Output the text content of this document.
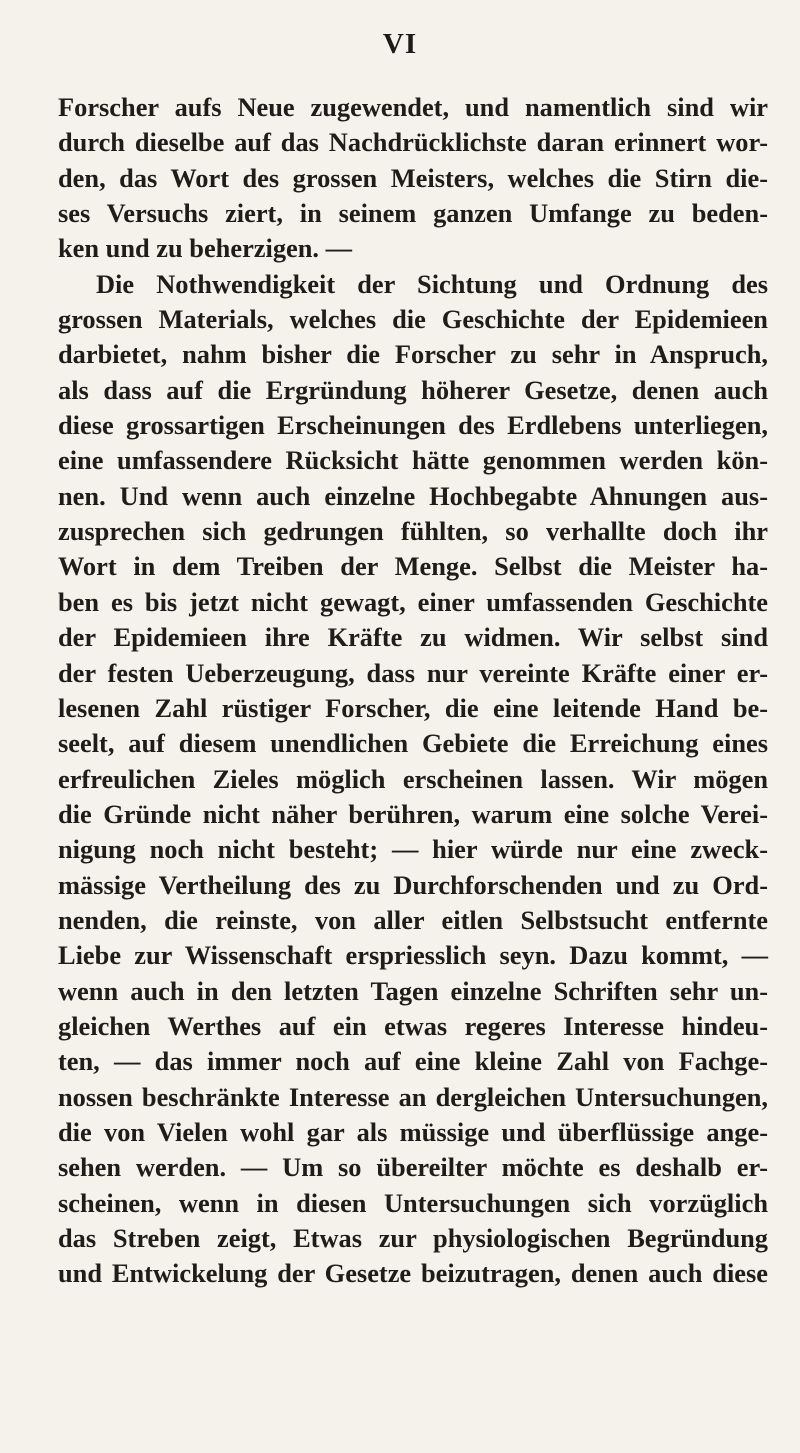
VI
Forscher aufs Neue zugewendet, und namentlich sind wir
durch dieselbe auf das Nachdrücklichste daran erinnert wor-
den, das Wort des grossen Meisters, welches die Stirn die-
ses Versuchs ziert, in seinem ganzen Umfange zu beden-
ken und zu beherzigen. —
Die Nothwendigkeit der Sichtung und Ordnung des
grossen Materials, welches die Geschichte der Epidemieen
darbietet, nahm bisher die Forscher zu sehr in Anspruch,
als dass auf die Ergründung höherer Gesetze, denen auch
diese grossartigen Erscheinungen des Erdlebens unterliegen,
eine umfassendere Rücksicht hätte genommen werden kön-
nen. Und wenn auch einzelne Hochbegabte Ahnungen aus-
zusprechen sich gedrungen fühlten, so verhallte doch ihr
Wort in dem Treiben der Menge. Selbst die Meister ha-
ben es bis jetzt nicht gewagt, einer umfassenden Geschichte
der Epidemieen ihre Kräfte zu widmen. Wir selbst sind
der festen Ueberzeugung, dass nur vereinte Kräfte einer er-
lesenen Zahl rüstiger Forscher, die eine leitende Hand be-
seelt, auf diesem unendlichen Gebiete die Erreichung eines
erfreulichen Zieles möglich erscheinen lassen. Wir mögen
die Gründe nicht näher berühren, warum eine solche Verei-
nigung noch nicht besteht; — hier würde nur eine zweck-
mässige Vertheilung des zu Durchforschenden und zu Ord-
nenden, die reinste, von aller eitlen Selbstsucht entfernte
Liebe zur Wissenschaft erspriesslich seyn. Dazu kommt, —
wenn auch in den letzten Tagen einzelne Schriften sehr un-
gleichen Werthes auf ein etwas regeres Interesse hindeu-
ten, — das immer noch auf eine kleine Zahl von Fachge-
nossen beschränkte Interesse an dergleichen Untersuchungen,
die von Vielen wohl gar als müssige und überflüssige ange-
sehen werden. — Um so übereilter möchte es deshalb er-
scheinen, wenn in diesen Untersuchungen sich vorzüglich
das Streben zeigt, Etwas zur physiologischen Begründung
und Entwickelung der Gesetze beizutragen, denen auch diese
